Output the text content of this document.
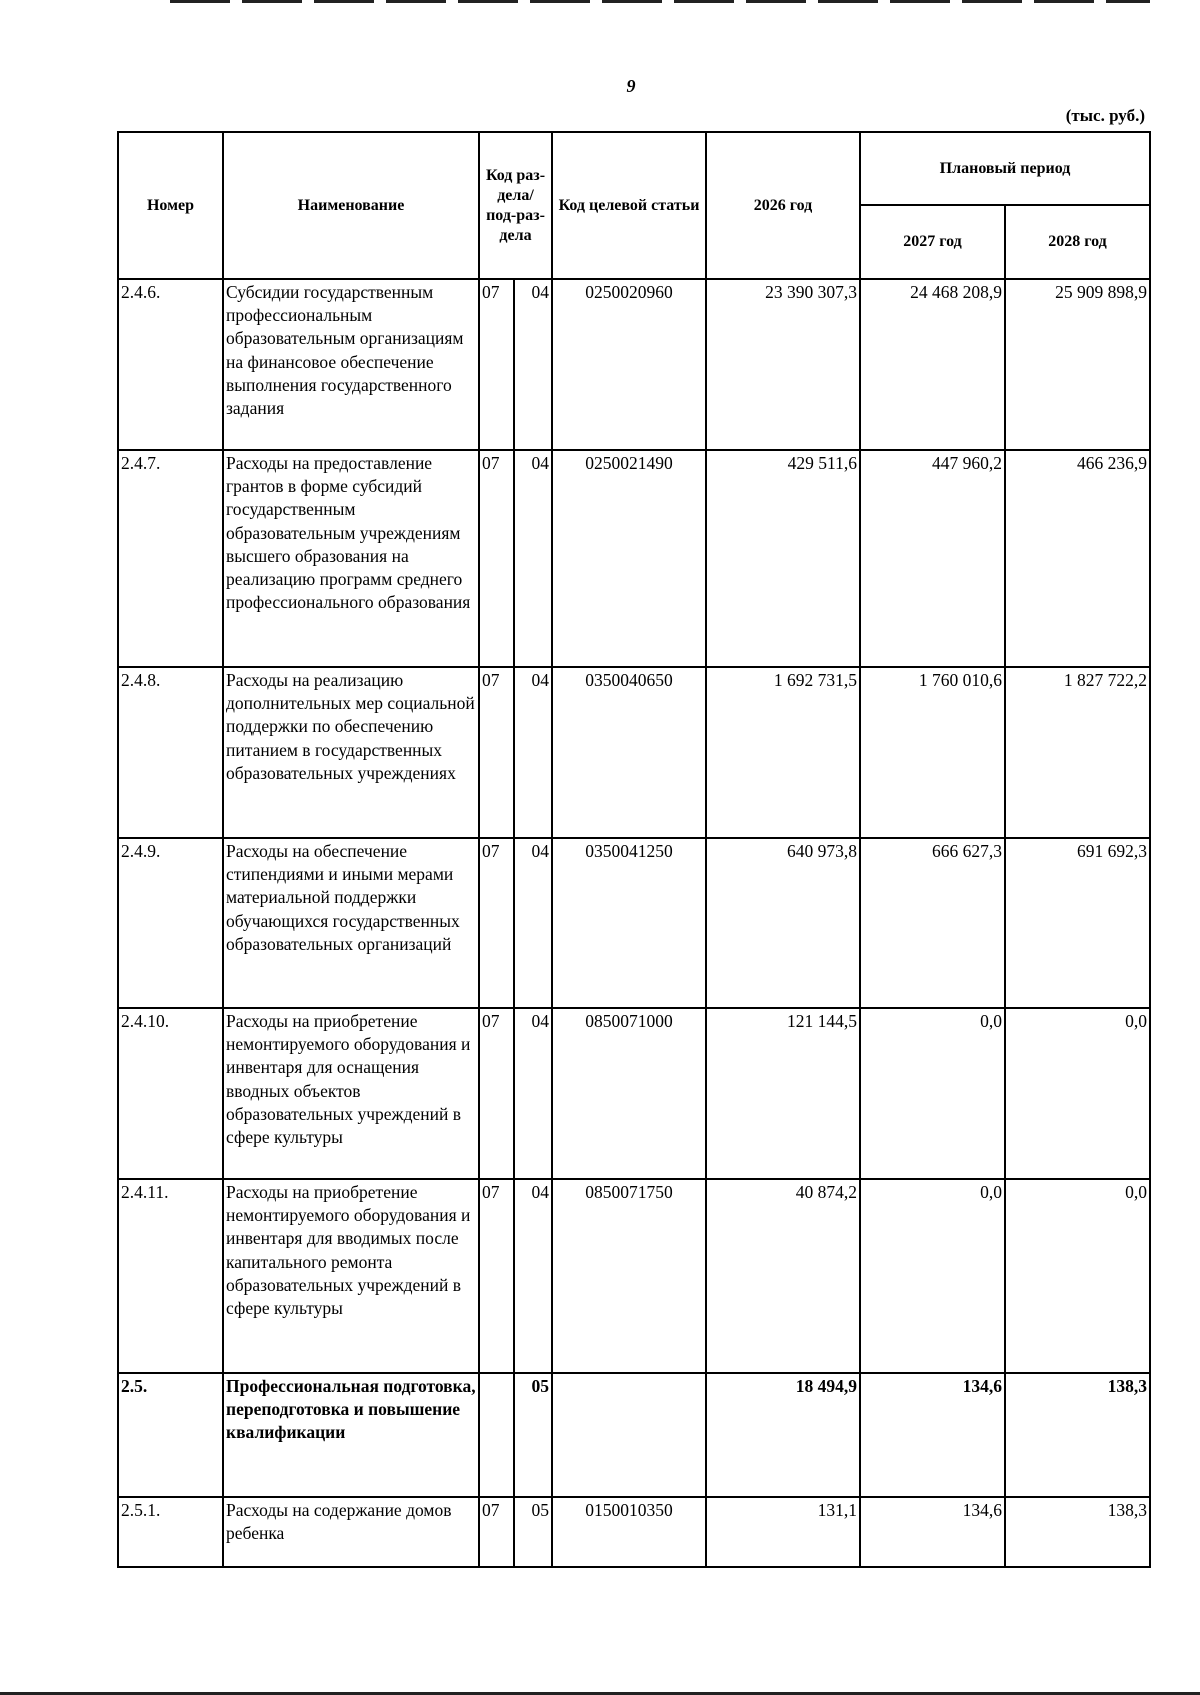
9
(тыс. руб.)
Номер	Наименование	Код раз-дела/ под-раз-дела		Код целевой статьи	2026 год	Плановый период	
						2027 год	2028 год
2.4.6.	Субсидии государственным профессиональным образовательным организациям на финансовое обеспечение выполнения государственного задания	07	04	0250020960	23 390 307,3	24 468 208,9	25 909 898,9
2.4.7.	Расходы на предоставление грантов в форме субсидий государственным образовательным учреждениям высшего образования на реализацию программ среднего профессионального образования	07	04	0250021490	429 511,6	447 960,2	466 236,9
2.4.8.	Расходы на реализацию дополнительных мер социальной поддержки по обеспечению питанием в государственных образовательных учреждениях	07	04	0350040650	1 692 731,5	1 760 010,6	1 827 722,2
2.4.9.	Расходы на обеспечение стипендиями и иными мерами материальной поддержки обучающихся государственных образовательных организаций	07	04	0350041250	640 973,8	666 627,3	691 692,3
2.4.10.	Расходы на приобретение немонтируемого оборудования и инвентаря для оснащения вводных объектов образовательных учреждений в сфере культуры	07	04	0850071000	121 144,5	0,0	0,0
2.4.11.	Расходы на приобретение немонтируемого оборудования и инвентаря для вводимых после капитального ремонта образовательных учреждений в сфере культуры	07	04	0850071750	40 874,2	0,0	0,0
2.5.	Профессиональная подготовка, переподготовка и повышение квалификации		05		18 494,9	134,6	138,3
2.5.1.	Расходы на содержание домов ребенка	07	05	0150010350	131,1	134,6	138,3
